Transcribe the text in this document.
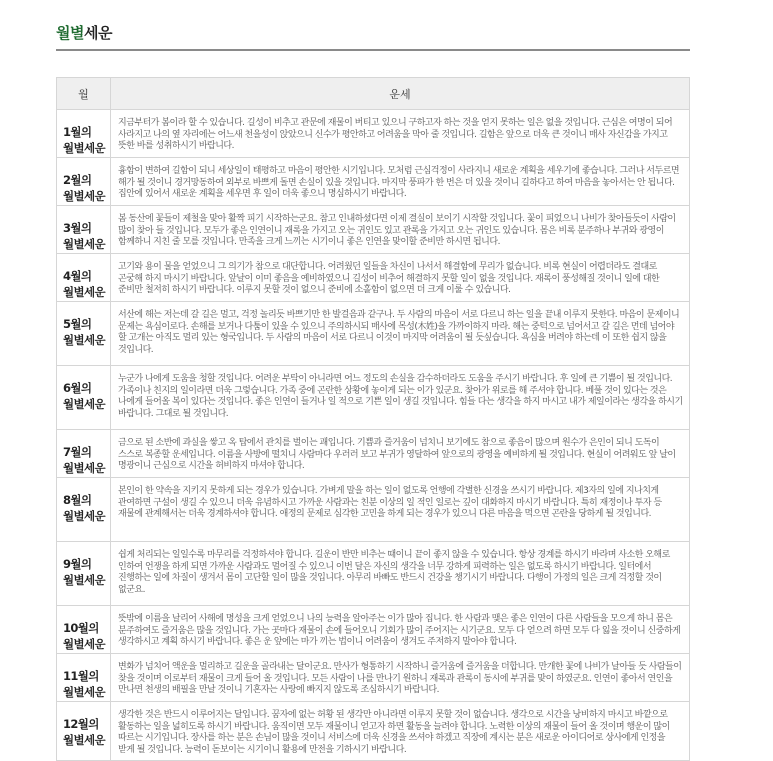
월별세운
월	운세
1월의
월별세운	지금부터가 봄이라 할 수 있습니다. 길성이 비추고 관문에 재물이 버티고 있으니 구하고자 하는 것을 얻지 못하는 일은 없을 것입니다. 근심은 여명이 되어 사라지고 나의 옆 자리에는 어느새 천을성이 앉았으니 신수가 평안하고 어려움을 막아 줄 것입니다. 길함은 앞으로 더욱 큰 것이니 매사 자신감을 가지고 뜻한 바를 성취하시기 바랍니다.
2월의
월별세운	흉함이 변하여 길함이 되니 세상일이 태평하고 마음이 평안한 시기입니다. 모처럼 근심걱정이 사라지니 새로운 계획을 세우기에 좋습니다. 그러나 서두르면 해가 될 것이니 경거망동하여 외부로 바쁘게 돌면 손실이 있을 것입니다. 마지막 풍파가 한 번은 더 있을 것이니 길하다고 하여 마음을 놓아서는 안 됩니다. 집안에 있어서 새로운 계획을 세우면 후 일이 더욱 좋으니 명심하시기 바랍니다.
3월의
월별세운	봄 동산에 꽃들이 제철을 맞아 활짝 피기 시작하는군요. 참고 인내하셨다면 이제 결실이 보이기 시작할 것입니다. 꽃이 피었으니 나비가 찾아들듯이 사람이 많이 찾아 들 것입니다. 모두가 좋은 인연이니 재록을 가지고 오는 귀인도 있고 관록을 가지고 오는 귀인도 있습니다. 몸은 비록 분주하나 부귀와 광영이 함께하니 지친 줄 모를 것입니다. 만족을 크게 느끼는 시기이니 좋은 인연을 맞이할 준비만 하시면 됩니다.
4월의
월별세운	고기와 용이 물을 얻었으니 그 의기가 참으로 대단합니다. 어려웠던 일들을 차신이 나서서 해결함에 무리가 없습니다. 비록 현실이 어렵더라도 결대로 곤궁해 하지 마시기 바랍니다. 앞날이 이미 좋음을 예비하였으니 길성이 비추어 해결하지 못할 일이 없을 것입니다. 재록이 풍성해질 것이니 일에 대한 준비만 철저히 하시기 바랍니다. 이루지 못할 것이 없으니 준비에 소홀함이 없으면 더 크게 이룰 수 있습니다.
5월의
월별세운	서산에 해는 저는데 갈 길은 멀고, 걱정 놀리듯 바쁘기만 한 발걸음과 같구나. 두 사람의 마음이 서로 다르니 하는 일을 끝내 이루지 못한다. 마음이 문제이니 문제는 욕심이로다. 손해를 보거나 다툼이 있을 수 있으니 주의하시되 매사에 목성(木姓)을 가까이하지 마라. 해는 중턱으로 넘어서고 갈 길은 먼데 넘어야 할 고개는 아직도 멀리 있는 형국입니다. 두 사람의 마음이 서로 다르니 이것이 마지막 어려움이 될 듯싶습니다. 욕심을 버려야 하는데 이 또한 쉽지 않을 것입니다.
6월의
월별세운	누군가 나에게 도움을 청할 것입니다. 어려운 부탁이 아니라면 어느 정도의 손실을 감수하더라도 도움을 주시기 바랍니다. 후 일에 큰 기쁨이 될 것입니다. 가족이나 친지의 일이라면 더욱 그렇습니다. 가족 중에 곤란한 상황에 놓이게 되는 이가 있군요. 찾아가 위로를 해 주셔야 합니다. 베풀 것이 있다는 것은 나에게 들어올 복이 있다는 것입니다. 좋은 인연이 들거나 일 적으로 기쁜 일이 생길 것입니다. 힘들 다는 생각을 하지 마시고 내가 제일이라는 생각을 하시기 바랍니다. 그대로 될 것입니다.
7월의
월별세운	금으로 된 소반에 과실을 쌓고 옥 탑에서 관치를 벌이는 괘입니다. 기쁨과 즐거움이 넘치니 보기에도 참으로 좋음이 많으며 원수가 은인이 되니 도독이 스스로 복종할 운세입니다. 이름을 사방에 떨치니 사람마다 우러러 보고 부귀가 영달하여 앞으로의 광영을 예비하게 될 것입니다. 현실이 어려워도 앞 날이 명광이니 근심으로 시간을 허비하지 마셔야 합니다.
8월의
월별세운	본인이 한 약속을 지키지 못하게 되는 경우가 있습니다. 가벼게 말을 하는 일이 없도록 언행에 각별한 신경을 쓰시기 바랍니다. 제3자의 일에 지나치게 관여하면 구설이 생길 수 있으니 더욱 유념하시고 가까운 사람과는 친분 이상의 일 적인 일로는 깊이 대화하지 마시기 바랍니다. 특히 재정이나 투자 등 재물에 관계해서는 더욱 경계하셔야 합니다. 애정의 문제로 심각한 고민을 하게 되는 경우가 있으니 다른 마음을 먹으면 곤란을 당하게 될 것입니다.
9월의
월별세운	쉽게 처리되는 일일수록 마무리를 걱정하셔야 합니다. 길운이 반만 비추는 때이니 끝이 좋지 않을 수 있습니다. 항상 경계를 하시기 바라며 사소한 오해로 인하여 언쟁을 하게 되면 가까운 사람과도 멀어질 수 있으니 이번 달은 자신의 생각을 너무 강하게 피력하는 일은 없도록 하시기 바랍니다. 일터에서 진행하는 일에 차질이 생겨서 몸이 고단할 일이 많을 것입니다. 아무리 바빠도 반드시 건강을 챙기시기 바랍니다. 다행이 가정의 일은 크게 걱정할 것이 없군요.
10월의
월별세운	뜻밖에 이름을 날리어 사해에 명성을 크게 얻었으니 나의 능력을 알아주는 이가 많아 집니다. 한 사람과 맺은 좋은 인연이 다른 사람들을 모으게 하니 몸은 분주하여도 즐거움은 많을 것입니다. 가는 곳마다 재물이 손에 들어오니 기회가 많이 주어지는 시기군요. 모두 다 얻으려 하면 모두 다 잃을 것이니 신중하게 생각하시고 계획 하시기 바랍니다. 좋은 운 앞에는 마가 끼는 법이니 어려움이 생겨도 주저하지 말아야 합니다.
11월의
월별세운	변화가 넘치어 액운을 멀리하고 길운을 골라내는 달이군요. 만사가 형통하기 시작하니 즐거움에 즐거움을 더합니다. 만개한 꽃에 나비가 날아들 듯 사람들이 찾을 것이며 이로부터 재물이 크게 들어 올 것입니다. 모든 사람이 나를 만나기 원하니 재록과 관록이 동시에 부귀를 맞이 하였군요. 인연이 좋아서 연인을 만나면 천생의 배필을 만날 것이니 기혼자는 사랑에 빠지지 않도록 조심하시기 바랍니다.
12월의
월별세운	생각한 것은 반드시 이루어지는 달입니다. 꿈자에 없는 허황 된 생각만 아니라면 이루지 못할 것이 없습니다. 생각으로 시간을 낭비하지 마시고 바깥으로 활동하는 일을 넓히도록 하시기 바랍니다. 움직이면 모두 재물이니 얻고자 하면 활동을 늘려야 합니다. 노력한 이상의 재물이 들어 올 것이며 행운이 많이 따르는 시기입니다. 장사를 하는 분은 손님이 많을 것이니 서비스에 더욱 신경을 쓰셔야 하겠고 직장에 계시는 분은 새로운 아이디어로 상사에게 인정을 받게 될 것입니다. 능력이 돋보이는 시기이니 활용에 만전을 기하시기 바랍니다.
